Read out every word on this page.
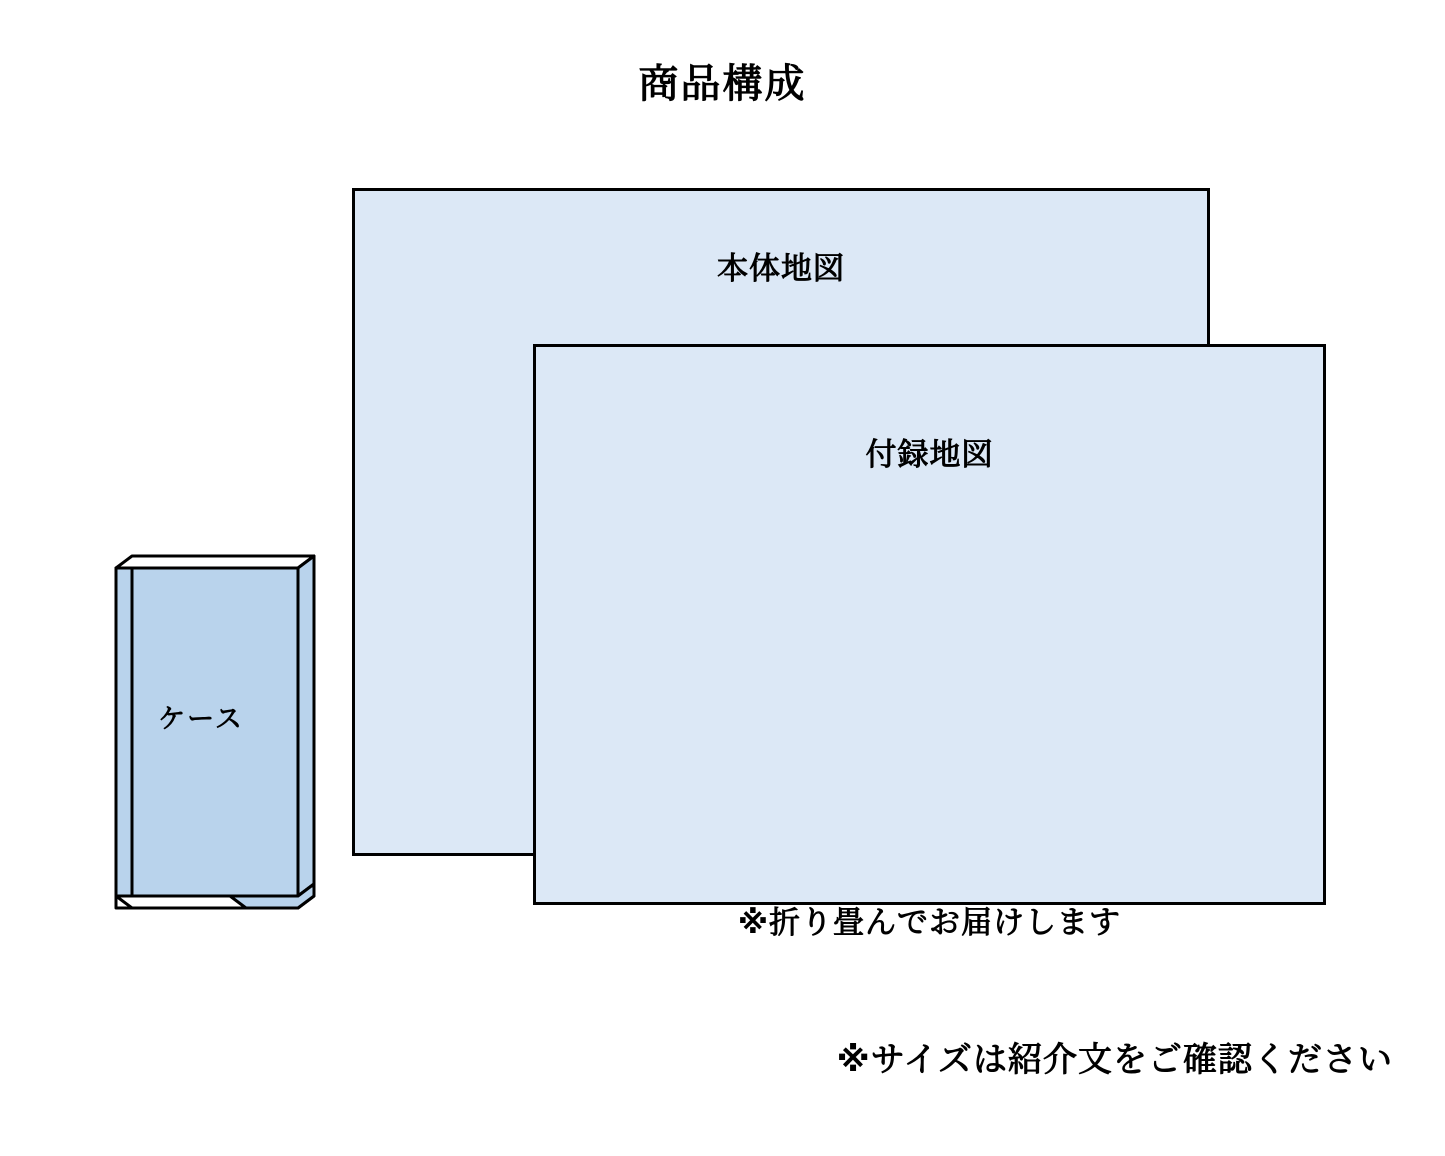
商品構成
本体地図
付録地図
ケース
※折り畳んでお届けします
※サイズは紹介文をご確認ください
